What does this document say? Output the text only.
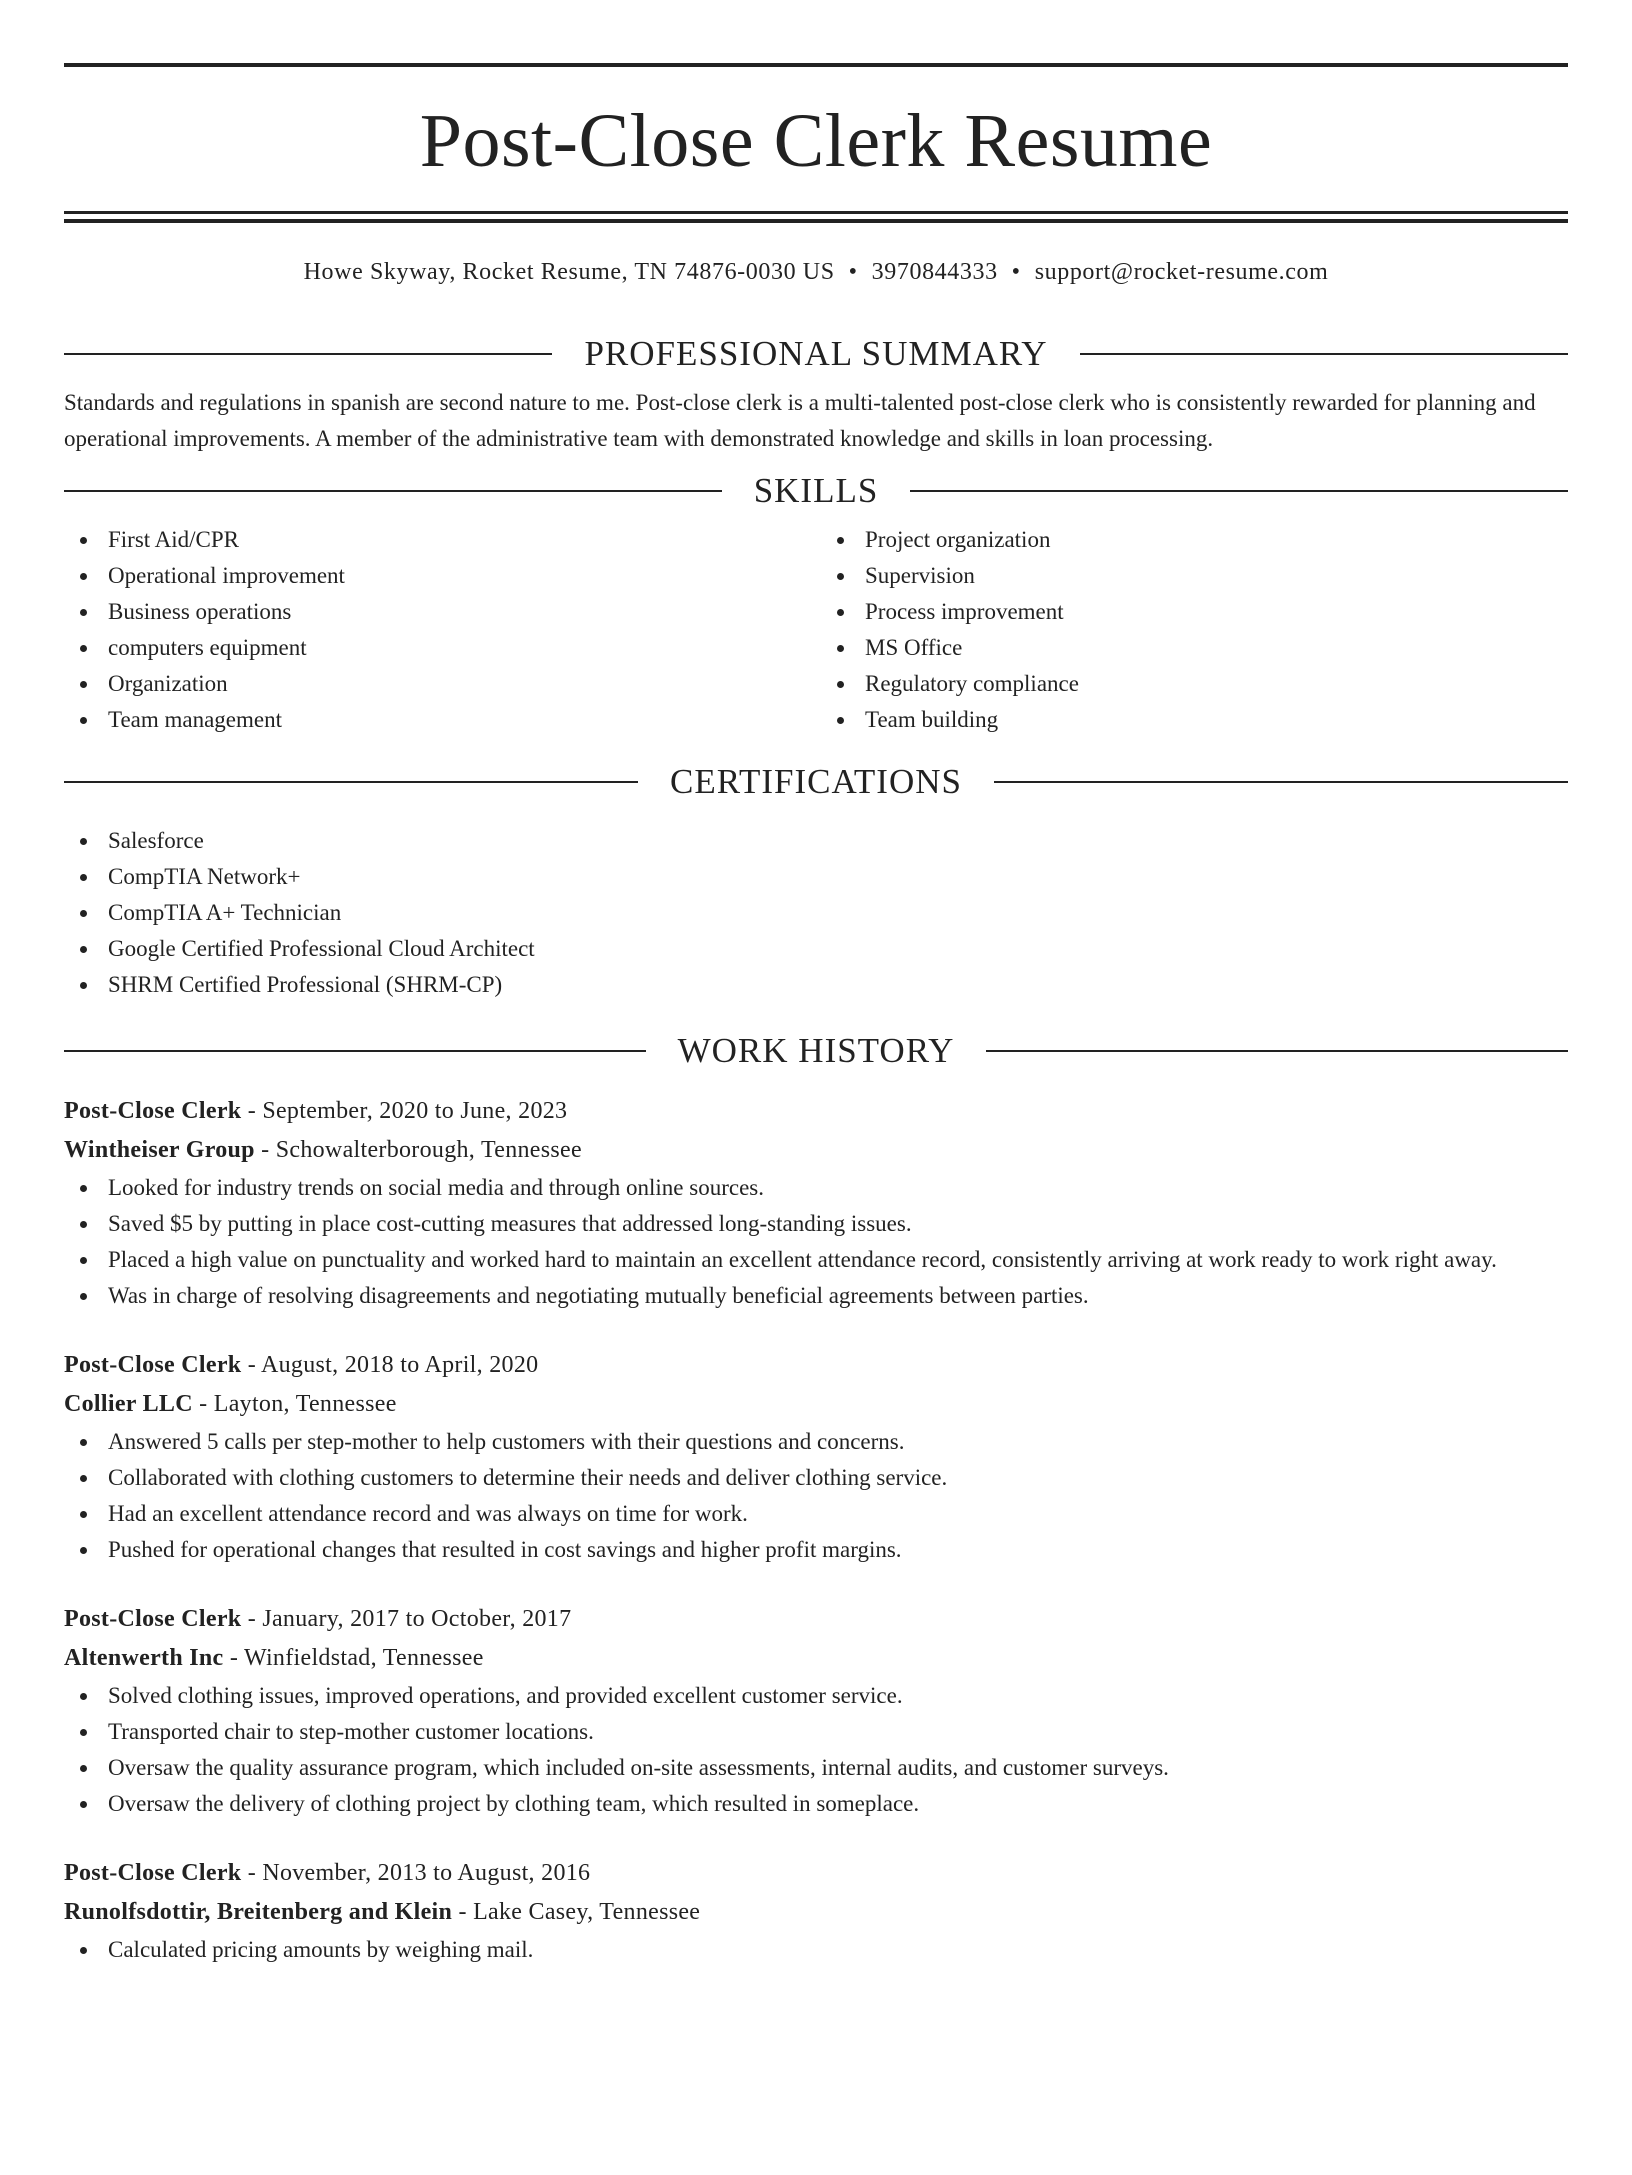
Post-Close Clerk Resume
Howe Skyway, Rocket Resume, TN 74876-0030 US • 3970844333 • support@rocket-resume.com
PROFESSIONAL SUMMARY

Standards and regulations in spanish are second nature to me. Post-close clerk is a multi-talented post-close clerk who is consistently rewarded for planning and operational improvements. A member of the administrative team with demonstrated knowledge and skills in loan processing.

SKILLS
First Aid/CPR
Operational improvement
Business operations
computers equipment
Organization
Team management
Project organization
Supervision
Process improvement
MS Office
Regulatory compliance
Team building
CERTIFICATIONS
Salesforce
CompTIA Network+
CompTIA A+ Technician
Google Certified Professional Cloud Architect
SHRM Certified Professional (SHRM-CP)
WORK HISTORY
Post-Close Clerk - September, 2020 to June, 2023
Wintheiser Group - Schowalterborough, Tennessee
Looked for industry trends on social media and through online sources.
Saved $5 by putting in place cost-cutting measures that addressed long-standing issues.
Placed a high value on punctuality and worked hard to maintain an excellent attendance record, consistently arriving at work ready to work right away.
Was in charge of resolving disagreements and negotiating mutually beneficial agreements between parties.
Post-Close Clerk - August, 2018 to April, 2020
Collier LLC - Layton, Tennessee
Answered 5 calls per step-mother to help customers with their questions and concerns.
Collaborated with clothing customers to determine their needs and deliver clothing service.
Had an excellent attendance record and was always on time for work.
Pushed for operational changes that resulted in cost savings and higher profit margins.
Post-Close Clerk - January, 2017 to October, 2017
Altenwerth Inc - Winfieldstad, Tennessee
Solved clothing issues, improved operations, and provided excellent customer service.
Transported chair to step-mother customer locations.
Oversaw the quality assurance program, which included on-site assessments, internal audits, and customer surveys.
Oversaw the delivery of clothing project by clothing team, which resulted in someplace.
Post-Close Clerk - November, 2013 to August, 2016
Runolfsdottir, Breitenberg and Klein - Lake Casey, Tennessee
Calculated pricing amounts by weighing mail.
